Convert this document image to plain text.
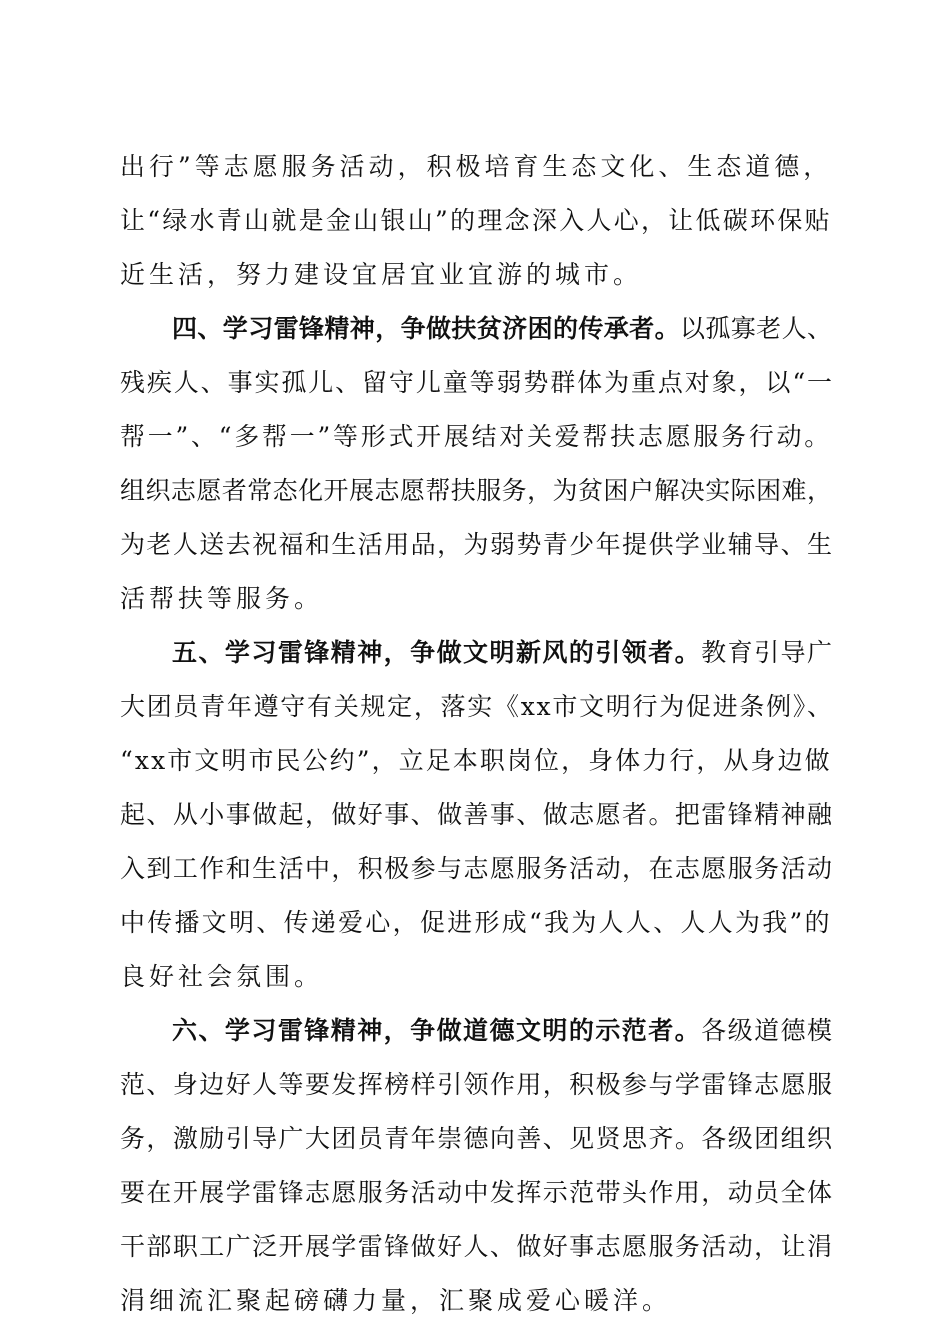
出行”等志愿服务活动，积极培育生态文化、生态道德，
让“绿水青山就是金山银山”的理念深入人心，让低碳环保贴
近生活，努力建设宜居宜业宜游的城市。
四、学习雷锋精神，争做扶贫济困的传承者。 以孤寡老人、
残疾人、事实孤儿、留守儿童等弱势群体为重点对象，以“一
帮一”、“多帮一”等形式开展结对关爱帮扶志愿服务行动。
组织志愿者常态化开展志愿帮扶服务，为贫困户解决实际困难，
为老人送去祝福和生活用品，为弱势青少年提供学业辅导、生
活帮扶等服务。
五、学习雷锋精神，争做文明新风的引领者。 教育引导广
大团员青年遵守有关规定，落实《xx市文明行为促进条例》、
“xx市文明市民公约”，立足本职岗位，身体力行，从身边做
起、从小事做起，做好事、做善事、做志愿者。把雷锋精神融
入到工作和生活中，积极参与志愿服务活动，在志愿服务活动
中传播文明、传递爱心，促进形成“我为人人、人人为我”的
良好社会氛围。
六、学习雷锋精神，争做道德文明的示范者。 各级道德模
范、身边好人等要发挥榜样引领作用，积极参与学雷锋志愿服
务，激励引导广大团员青年崇德向善、见贤思齐。各级团组织
要在开展学雷锋志愿服务活动中发挥示范带头作用，动员全体
干部职工广泛开展学雷锋做好人、做好事志愿服务活动，让涓
涓细流汇聚起磅礴力量，汇聚成爱心暖洋。
